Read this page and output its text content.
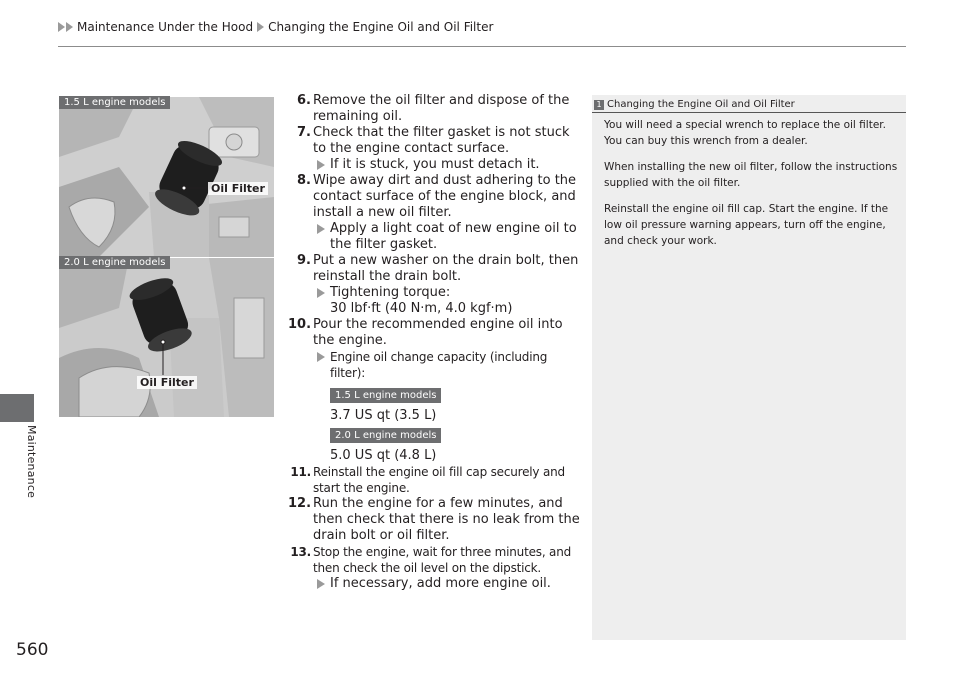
Maintenance Under the Hood Changing the Engine Oil and Oil Filter
Maintenance
560
1.5 L engine models
Oil Filter
2.0 L engine models
Oil Filter
6. Remove the oil filter and dispose of the remaining oil.
7. Check that the filter gasket is not stuck to the engine contact surface.
If it is stuck, you must detach it.
8. Wipe away dirt and dust adhering to the contact surface of the engine block, and install a new oil filter.
Apply a light coat of new engine oil to the filter gasket.
9. Put a new washer on the drain bolt, then reinstall the drain bolt.
Tightening torque:
30 lbf·ft (40 N·m, 4.0 kgf·m)
10. Pour the recommended engine oil into the engine.
Engine oil change capacity (including filter):
1.5 L engine models
3.7 US qt (3.5 L)
2.0 L engine models
5.0 US qt (4.8 L)
11. Reinstall the engine oil fill cap securely and start the engine.
12. Run the engine for a few minutes, and then check that there is no leak from the drain bolt or oil filter.
13. Stop the engine, wait for three minutes, and then check the oil level on the dipstick.
If necessary, add more engine oil.
1 Changing the Engine Oil and Oil Filter

You will need a special wrench to replace the oil filter. You can buy this wrench from a dealer.

When installing the new oil filter, follow the instructions supplied with the oil filter.

Reinstall the engine oil fill cap. Start the engine. If the low oil pressure warning appears, turn off the engine, and check your work.
